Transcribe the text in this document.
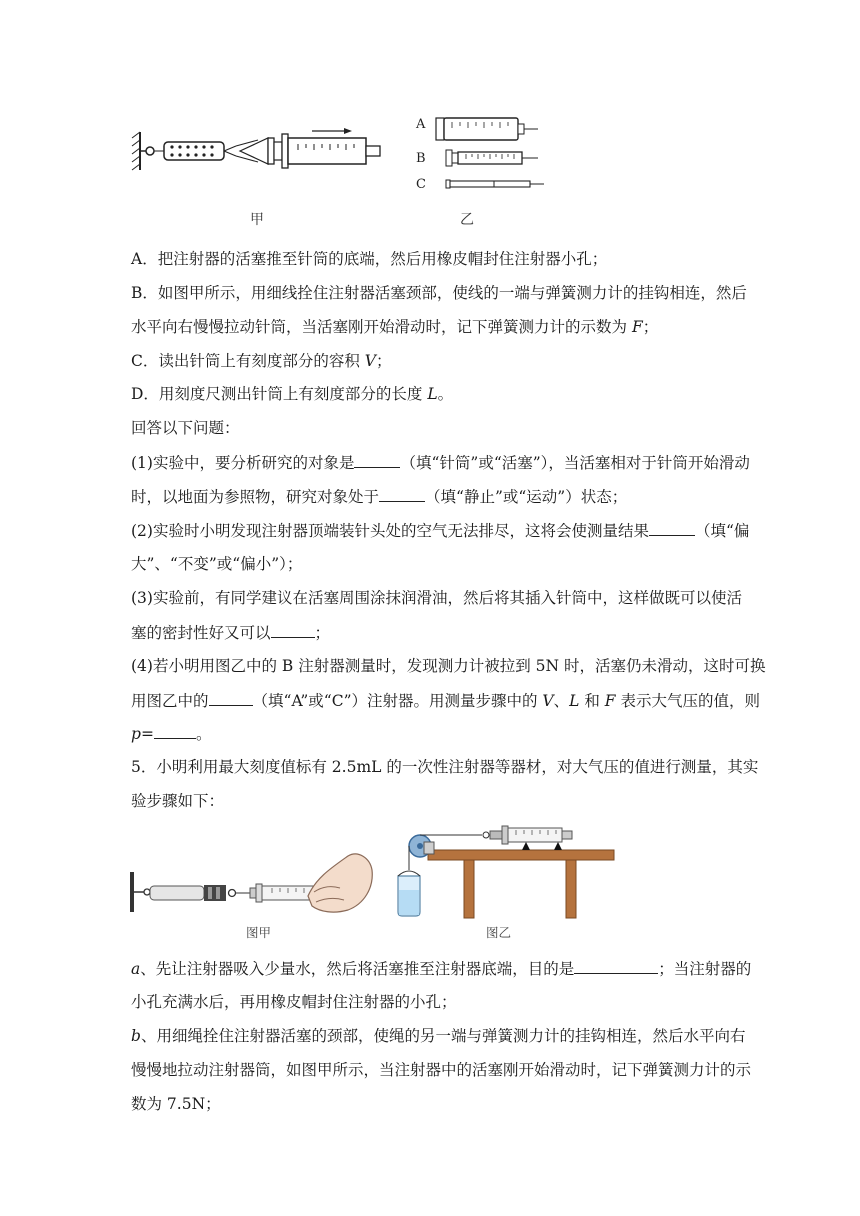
A
B
C
甲	乙
A．把注射器的活塞推至针筒的底端，然后用橡皮帽封住注射器小孔；
B．如图甲所示，用细线拴住注射器活塞颈部，使线的一端与弹簧测力计的挂钩相连，然后
水平向右慢慢拉动针筒，当活塞刚开始滑动时，记下弹簧测力计的示数为 F；
C．读出针筒上有刻度部分的容积 V；
D．用刻度尺测出针筒上有刻度部分的长度 L。
回答以下问题：
(1)实验中，要分析研究的对象是	（填“针筒”或“活塞”），当活塞相对于针筒开始滑动
时，以地面为参照物，研究对象处于	（填“静止”或“运动”）状态；
(2)实验时小明发现注射器顶端装针头处的空气无法排尽，这将会使测量结果	（填“偏
大”、“不变”或“偏小”）；
(3)实验前，有同学建议在活塞周围涂抹润滑油，然后将其插入针筒中，这样做既可以使活
塞的密封性好又可以	；
(4)若小明用图乙中的 B 注射器测量时，发现测力计被拉到 5N 时，活塞仍未滑动，这时可换
用图乙中的	（填“A”或“C”）注射器。用测量步骤中的 V、L 和 F 表示大气压的值，则
p=	。
5．小明利用最大刻度值标有 2.5mL 的一次性注射器等器材，对大气压的值进行测量，其实
验步骤如下：
图甲	图乙
a、先让注射器吸入少量水，然后将活塞推至注射器底端，目的是	；当注射器的
小孔充满水后，再用橡皮帽封住注射器的小孔；
b、用细绳拴住注射器活塞的颈部，使绳的另一端与弹簧测力计的挂钩相连，然后水平向右
慢慢地拉动注射器筒，如图甲所示，当注射器中的活塞刚开始滑动时，记下弹簧测力计的示
数为 7.5N；
